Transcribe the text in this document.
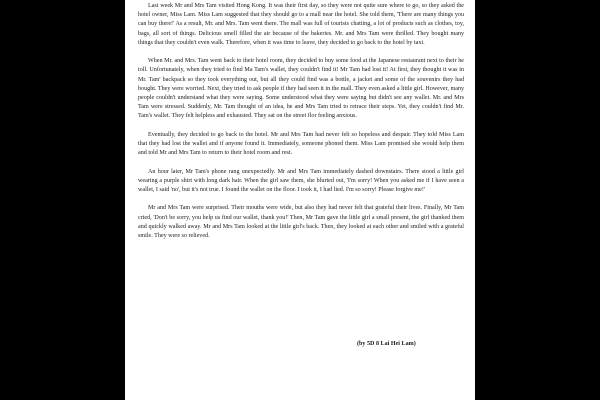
Last week Mr and Mrs Tam visited Hong Kong. It was their first day, so they were not quite sure where to go, so they asked the hotel owner, Miss Lam. Miss Lam suggested that they should go to a mall near the hotel. She told them, 'There are many things you can buy there!' As a result, Mr. and Mrs. Tam went there. The mall was full of tourists chatting, a lot of products such as clothes, toy, bags, all sort of things. Delicious smell filled the air because of the bakeries. Mr. and Mrs Tam were thrilled. They bought many things that they couldn't even walk. Therefore, when it was time to leave, they decided to go back to the hotel by taxi.

When Mr. and Mrs. Tam went back to their hotel room, they decided to buy some food at the Japanese restaurant next to their he toll. Unfortunately, when they tried to find Ma Tam's wallet, they couldn't find it! Mr Tam had lost it! At first, they thought it was in Mr. Tam' backpack so they took everything out, but all they could find was a bottle, a jacket and some of the souvenirs they had bought. They were worried. Next, they tried to ask people if they had seen it in the mall. They even asked a little girl. However, many people couldn't understand what they were saying. Some understood what they were saying but didn't see any wallet. Mr. and Mrs Tam were stressed. Suddenly, Mr. Tam thought of an idea, he and Mrs Tam tried to retrace their steps. Yet, they couldn't find Mr. Tam's wallet. They felt helpless and exhausted. They sat on the street flor feeling anxious.

Eventually, they decided to go back to the hotel. Mr and Mrs Tam had never felt so hopeless and despair. They told Miss Lam that they had lost the wallet and if anyone found it. Immediately, someone phoned them. Miss Lam promised she would help them and told Mr and Mrs Tam to return to their hotel room and rest.

An hour later, Mr Tam's phone rang unexpectedly. Mr and Mrs Tam immediately dashed downstairs. There stood a little girl wearing a purple shirt with long dark hair. When the girl saw them, she blurted out, 'I'm sorry! When you asked me if I have seen a wallet, I said 'no', but it's not true. I found the wallet on the floor. I took it, I had lied. I'm so sorry! Please forgive me!'

Mr and Mrs Tam were surprised. Their mouths were wide, but also they had never felt that grateful their lives. Finally, Mr Tam cried, 'Don't be sorry, you help us find our wallet, thank you!' Then, Mr Tam gave the little girl a small present, the girl thanked them and quickly walked away. Mr and Mrs Tam looked at the little girl's back. Then, they looked at each other and smiled with a grateful smile. They were so relieved.

(by 5D 8 Lai Hei Lam)
